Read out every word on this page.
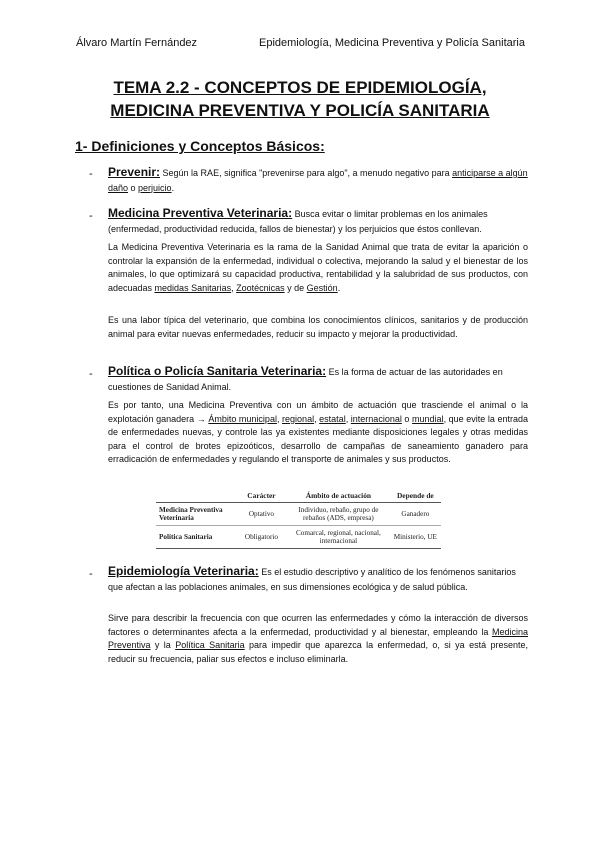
Álvaro Martín Fernández	Epidemiología, Medicina Preventiva y Policía Sanitaria
TEMA 2.2 - CONCEPTOS DE EPIDEMIOLOGÍA,
MEDICINA PREVENTIVA Y POLICÍA SANITARIA
1- Definiciones y Conceptos Básicos:
- Prevenir: Según la RAE, significa "prevenirse para algo", a menudo negativo para anticiparse a algún daño o perjuicio.
- Medicina Preventiva Veterinaria: Busca evitar o limitar problemas en los animales (enfermedad, productividad reducida, fallos de bienestar) y los perjuicios que éstos conllevan.
La Medicina Preventiva Veterinaria es la rama de la Sanidad Animal que trata de evitar la aparición o controlar la expansión de la enfermedad, individual o colectiva, mejorando la salud y el bienestar de los animales, lo que optimizará su capacidad productiva, rentabilidad y la salubridad de sus productos, con adecuadas medidas Sanitarias, Zootécnicas y de Gestión.
Es una labor típica del veterinario, que combina los conocimientos clínicos, sanitarios y de producción animal para evitar nuevas enfermedades, reducir su impacto y mejorar la productividad.
- Política o Policía Sanitaria Veterinaria: Es la forma de actuar de las autoridades en cuestiones de Sanidad Animal.
Es por tanto, una Medicina Preventiva con un ámbito de actuación que trasciende el animal o la explotación ganadera → Ámbito municipal, regional, estatal, internacional o mundial, que evite la entrada de enfermedades nuevas, y controle las ya existentes mediante disposiciones legales y otras medidas para el control de brotes epizoóticos, desarrollo de campañas de saneamiento ganadero para erradicación de enfermedades y regulando el transporte de animales y sus productos.
	Carácter	Ámbito de actuación	Depende de
Medicina Preventiva Veterinaria	Optativo	Individuo, rebaño, grupo de rebaños (ADS, empresa)	Ganadero
Política Sanitaria	Obligatorio	Comarcal, regional, nacional, internacional	Ministerio, UE
- Epidemiología Veterinaria: Es el estudio descriptivo y analítico de los fenómenos sanitarios que afectan a las poblaciones animales, en sus dimensiones ecológica y de salud pública.
Sirve para describir la frecuencia con que ocurren las enfermedades y cómo la interacción de diversos factores o determinantes afecta a la enfermedad, productividad y al bienestar, empleando la Medicina Preventiva y la Política Sanitaria para impedir que aparezca la enfermedad, o, si ya está presente, reducir su frecuencia, paliar sus efectos e incluso eliminarla.
